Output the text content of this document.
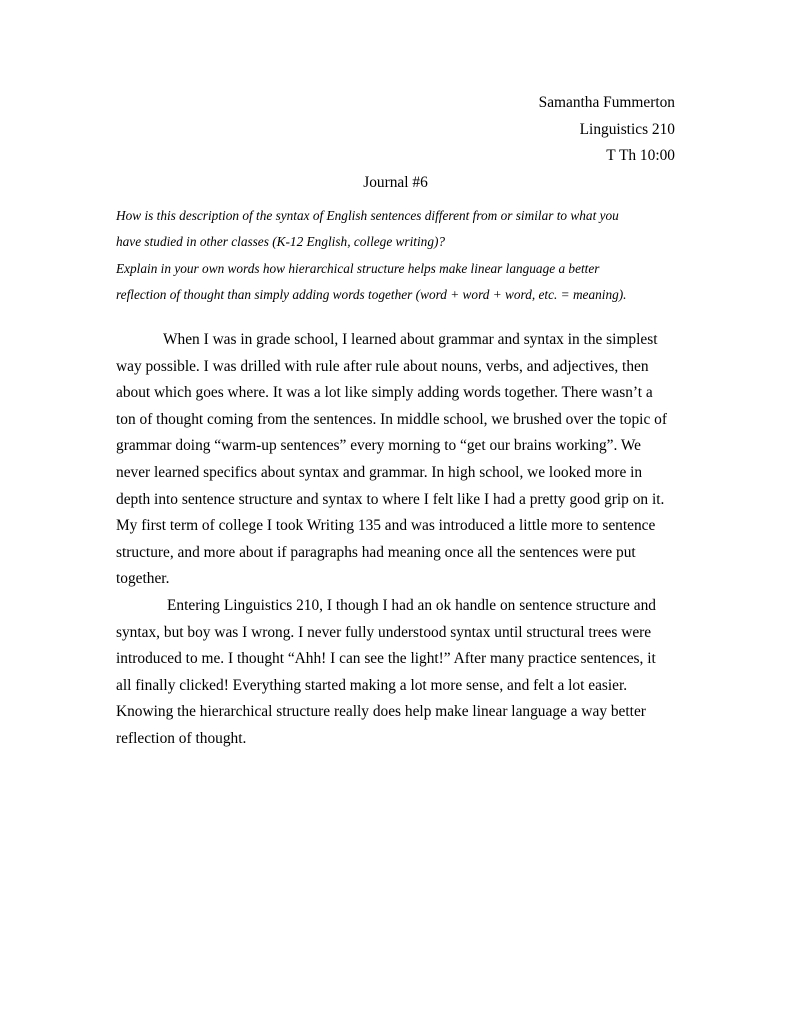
Samantha Fummerton
Linguistics 210
T Th 10:00
Journal #6
How is this description of the syntax of English sentences different from or similar to what you
have studied in other classes (K-12 English, college writing)?
Explain in your own words how hierarchical structure helps make linear language a better
reflection of thought than simply adding words together (word + word + word, etc. = meaning).
When I was in grade school, I learned about grammar and syntax in the simplest
way possible. I was drilled with rule after rule about nouns, verbs, and adjectives, then
about which goes where. It was a lot like simply adding words together. There wasn’t a
ton of thought coming from the sentences. In middle school, we brushed over the topic of
grammar doing “warm-up sentences” every morning to “get our brains working”. We
never learned specifics about syntax and grammar. In high school, we looked more in
depth into sentence structure and syntax to where I felt like I had a pretty good grip on it.
My first term of college I took Writing 135 and was introduced a little more to sentence
structure, and more about if paragraphs had meaning once all the sentences were put
together.
Entering Linguistics 210, I though I had an ok handle on sentence structure and
syntax, but boy was I wrong. I never fully understood syntax until structural trees were
introduced to me. I thought “Ahh! I can see the light!” After many practice sentences, it
all finally clicked! Everything started making a lot more sense, and felt a lot easier.
Knowing the hierarchical structure really does help make linear language a way better
reflection of thought.
